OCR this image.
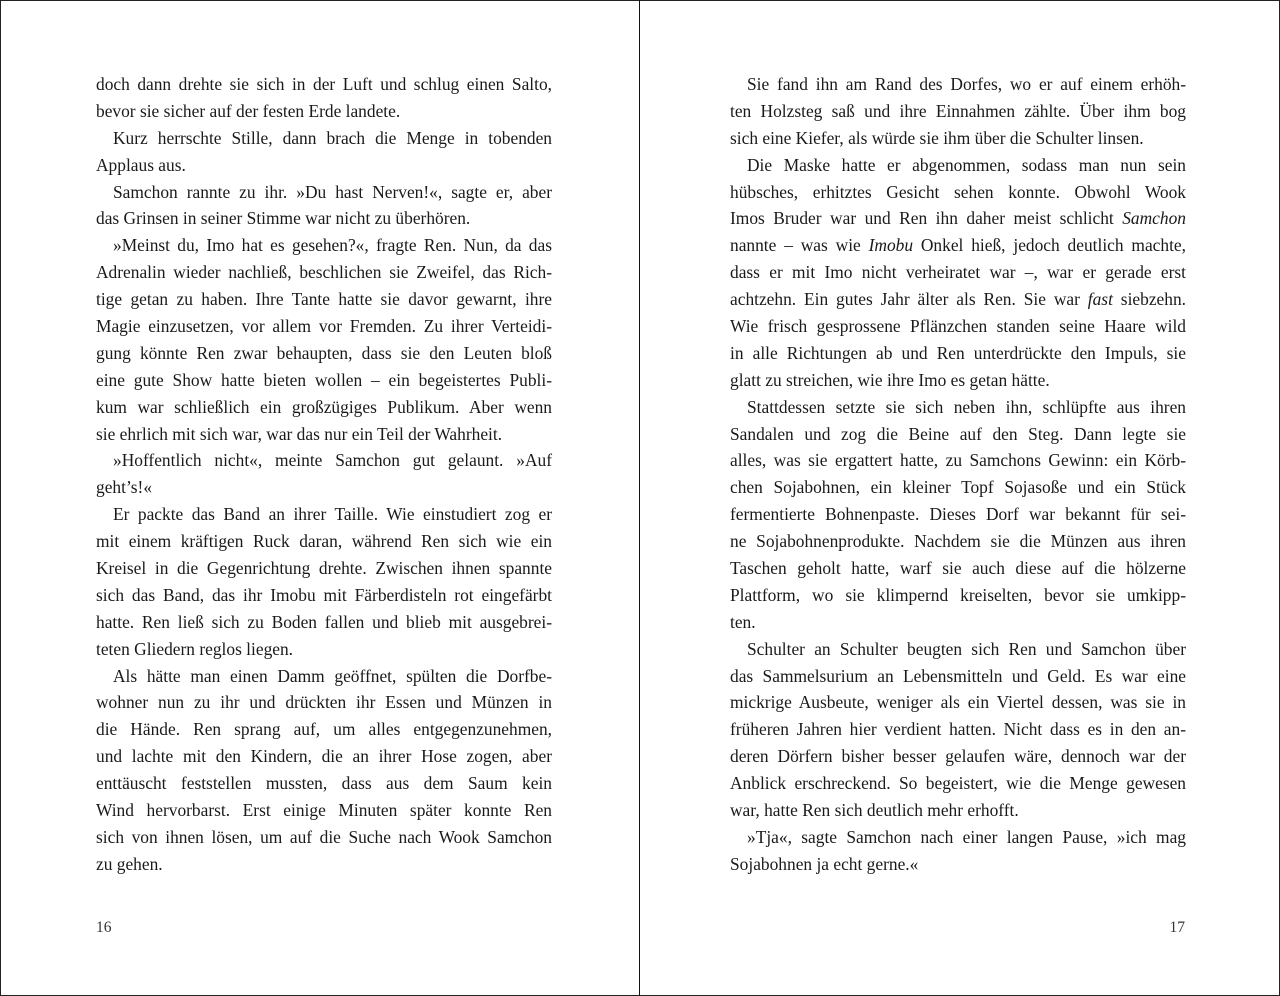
doch dann drehte sie sich in der Luft und schlug einen Salto,
bevor sie sicher auf der festen Erde landete.
Kurz herrschte Stille, dann brach die Menge in tobenden
Applaus aus.
Samchon rannte zu ihr. »Du hast Nerven!«, sagte er, aber
das Grinsen in seiner Stimme war nicht zu überhören.
»Meinst du, Imo hat es gesehen?«, fragte Ren. Nun, da das
Adrenalin wieder nachließ, beschlichen sie Zweifel, das Rich-
tige getan zu haben. Ihre Tante hatte sie davor gewarnt, ihre
Magie einzusetzen, vor allem vor Fremden. Zu ihrer Verteidi-
gung könnte Ren zwar behaupten, dass sie den Leuten bloß
eine gute Show hatte bieten wollen – ein begeistertes Publi-
kum war schließlich ein großzügiges Publikum. Aber wenn
sie ehrlich mit sich war, war das nur ein Teil der Wahrheit.
»Hoffentlich nicht«, meinte Samchon gut gelaunt. »Auf
geht’s!«
Er packte das Band an ihrer Taille. Wie einstudiert zog er
mit einem kräftigen Ruck daran, während Ren sich wie ein
Kreisel in die Gegenrichtung drehte. Zwischen ihnen spannte
sich das Band, das ihr Imobu mit Färberdisteln rot eingefärbt
hatte. Ren ließ sich zu Boden fallen und blieb mit ausgebrei-
teten Gliedern reglos liegen.
Als hätte man einen Damm geöffnet, spülten die Dorfbe-
wohner nun zu ihr und drückten ihr Essen und Münzen in
die Hände. Ren sprang auf, um alles entgegenzunehmen,
und lachte mit den Kindern, die an ihrer Hose zogen, aber
enttäuscht feststellen mussten, dass aus dem Saum kein
Wind hervorbarst. Erst einige Minuten später konnte Ren
sich von ihnen lösen, um auf die Suche nach Wook Samchon
zu gehen.
16
Sie fand ihn am Rand des Dorfes, wo er auf einem erhöh-
ten Holzsteg saß und ihre Einnahmen zählte. Über ihm bog
sich eine Kiefer, als würde sie ihm über die Schulter linsen.
Die Maske hatte er abgenommen, sodass man nun sein
hübsches, erhitztes Gesicht sehen konnte. Obwohl Wook
Imos Bruder war und Ren ihn daher meist schlicht Samchon
nannte – was wie Imobu Onkel hieß, jedoch deutlich machte,
dass er mit Imo nicht verheiratet war –, war er gerade erst
achtzehn. Ein gutes Jahr älter als Ren. Sie war fast siebzehn.
Wie frisch gesprossene Pflänzchen standen seine Haare wild
in alle Richtungen ab und Ren unterdrückte den Impuls, sie
glatt zu streichen, wie ihre Imo es getan hätte.
Stattdessen setzte sie sich neben ihn, schlüpfte aus ihren
Sandalen und zog die Beine auf den Steg. Dann legte sie
alles, was sie ergattert hatte, zu Samchons Gewinn: ein Körb-
chen Sojabohnen, ein kleiner Topf Sojasoße und ein Stück
fermentierte Bohnenpaste. Dieses Dorf war bekannt für sei-
ne Sojabohnenprodukte. Nachdem sie die Münzen aus ihren
Taschen geholt hatte, warf sie auch diese auf die hölzerne
Plattform, wo sie klimpernd kreiselten, bevor sie umkipp-
ten.
Schulter an Schulter beugten sich Ren und Samchon über
das Sammelsurium an Lebensmitteln und Geld. Es war eine
mickrige Ausbeute, weniger als ein Viertel dessen, was sie in
früheren Jahren hier verdient hatten. Nicht dass es in den an-
deren Dörfern bisher besser gelaufen wäre, dennoch war der
Anblick erschreckend. So begeistert, wie die Menge gewesen
war, hatte Ren sich deutlich mehr erhofft.
»Tja«, sagte Samchon nach einer langen Pause, »ich mag
Sojabohnen ja echt gerne.«
17
